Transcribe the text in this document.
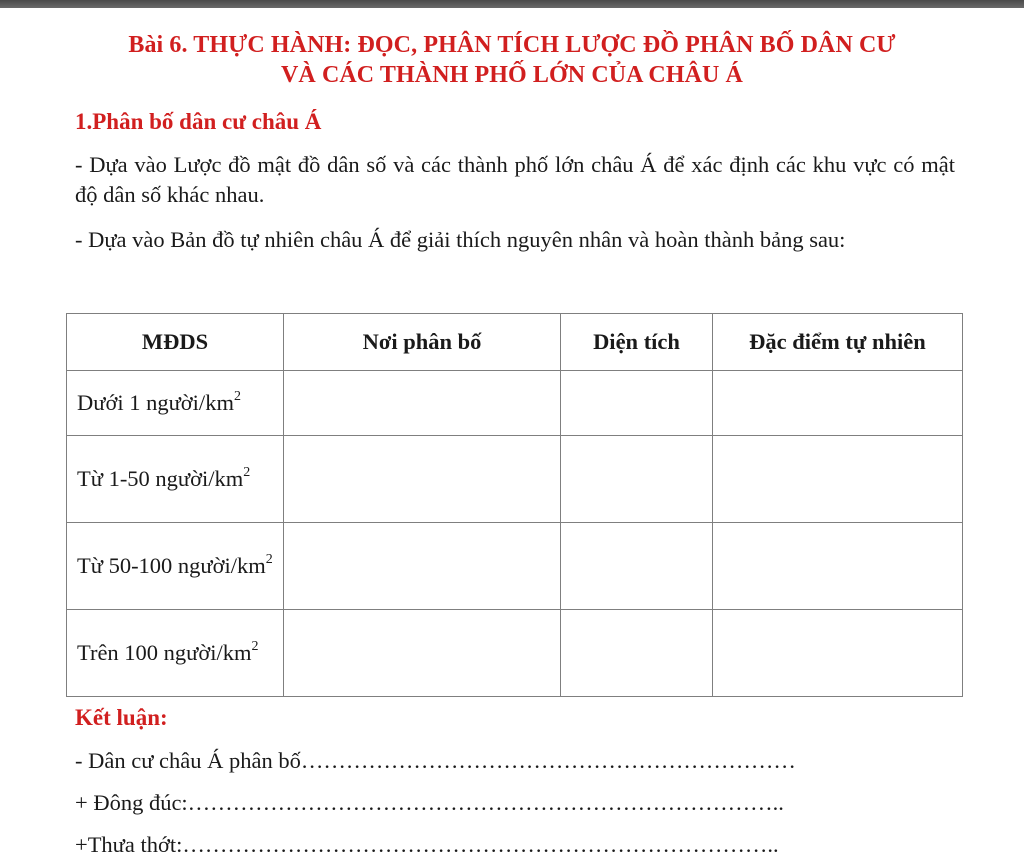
Bài 6. THỰC HÀNH: ĐỌC, PHÂN TÍCH LƯỢC ĐỒ PHÂN BỐ DÂN CƯ
VÀ CÁC THÀNH PHỐ LỚN CỦA CHÂU Á
1.Phân bố dân cư châu Á
- Dựa vào Lược đồ mật đồ dân số và các thành phố lớn châu Á để xác định các khu vực có mật độ dân số khác nhau.
- Dựa vào Bản đồ tự nhiên châu Á để giải thích nguyên nhân và hoàn thành bảng sau:
MĐDS	Nơi phân bố	Diện tích	Đặc điểm tự nhiên
Dưới 1 người/$km^2$			
Từ 1-50 người/$km^2$			
Từ 50-100 người/$km^2$			
Trên 100 người/$km^2$			
Kết luận:
- Dân cư châu Á phân bố…………………………………………………………
+ Đông đúc:……………………………………………………………………..
+Thưa thớt:……………………………………………………………………..
